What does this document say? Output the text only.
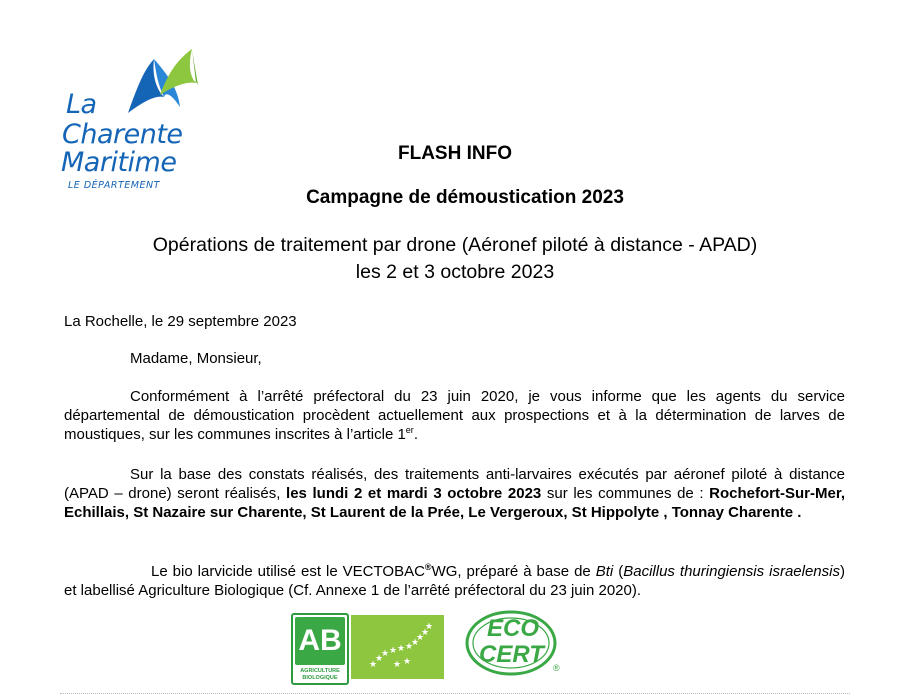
La
Charente
Maritime
LE DÉPARTEMENT
FLASH INFO
Campagne de démoustication 2023
Opérations de traitement par drone (Aéronef piloté à distance - APAD)
les 2 et 3 octobre 2023
La Rochelle, le 29 septembre 2023
Madame, Monsieur,
Conformément à l’arrêté préfectoral du 23 juin 2020, je vous informe que les agents du service départemental de démoustication procèdent actuellement aux prospections et à la détermination de larves de moustiques, sur les communes inscrites à l’article 1er.
Sur la base des constats réalisés, des traitements anti-larvaires exécutés par aéronef piloté à distance (APAD – drone) seront réalisés, les lundi 2 et mardi 3 octobre 2023 sur les communes de : Rochefort-Sur-Mer, Echillais, St Nazaire sur Charente, St Laurent de la Prée, Le Vergeroux, St Hippolyte , Tonnay Charente .
Le bio larvicide utilisé est le VECTOBAC®WG, préparé à base de Bti (Bacillus thuringiensis israelensis) et labellisé Agriculture Biologique (Cf. Annexe 1 de l’arrêté préfectoral du 23 juin 2020).
AB
AGRICULTURE
BIOLOGIQUE
★
★
★ ★ ★ ★
★
★
★
★
★ ★
ECO
CERT ®
